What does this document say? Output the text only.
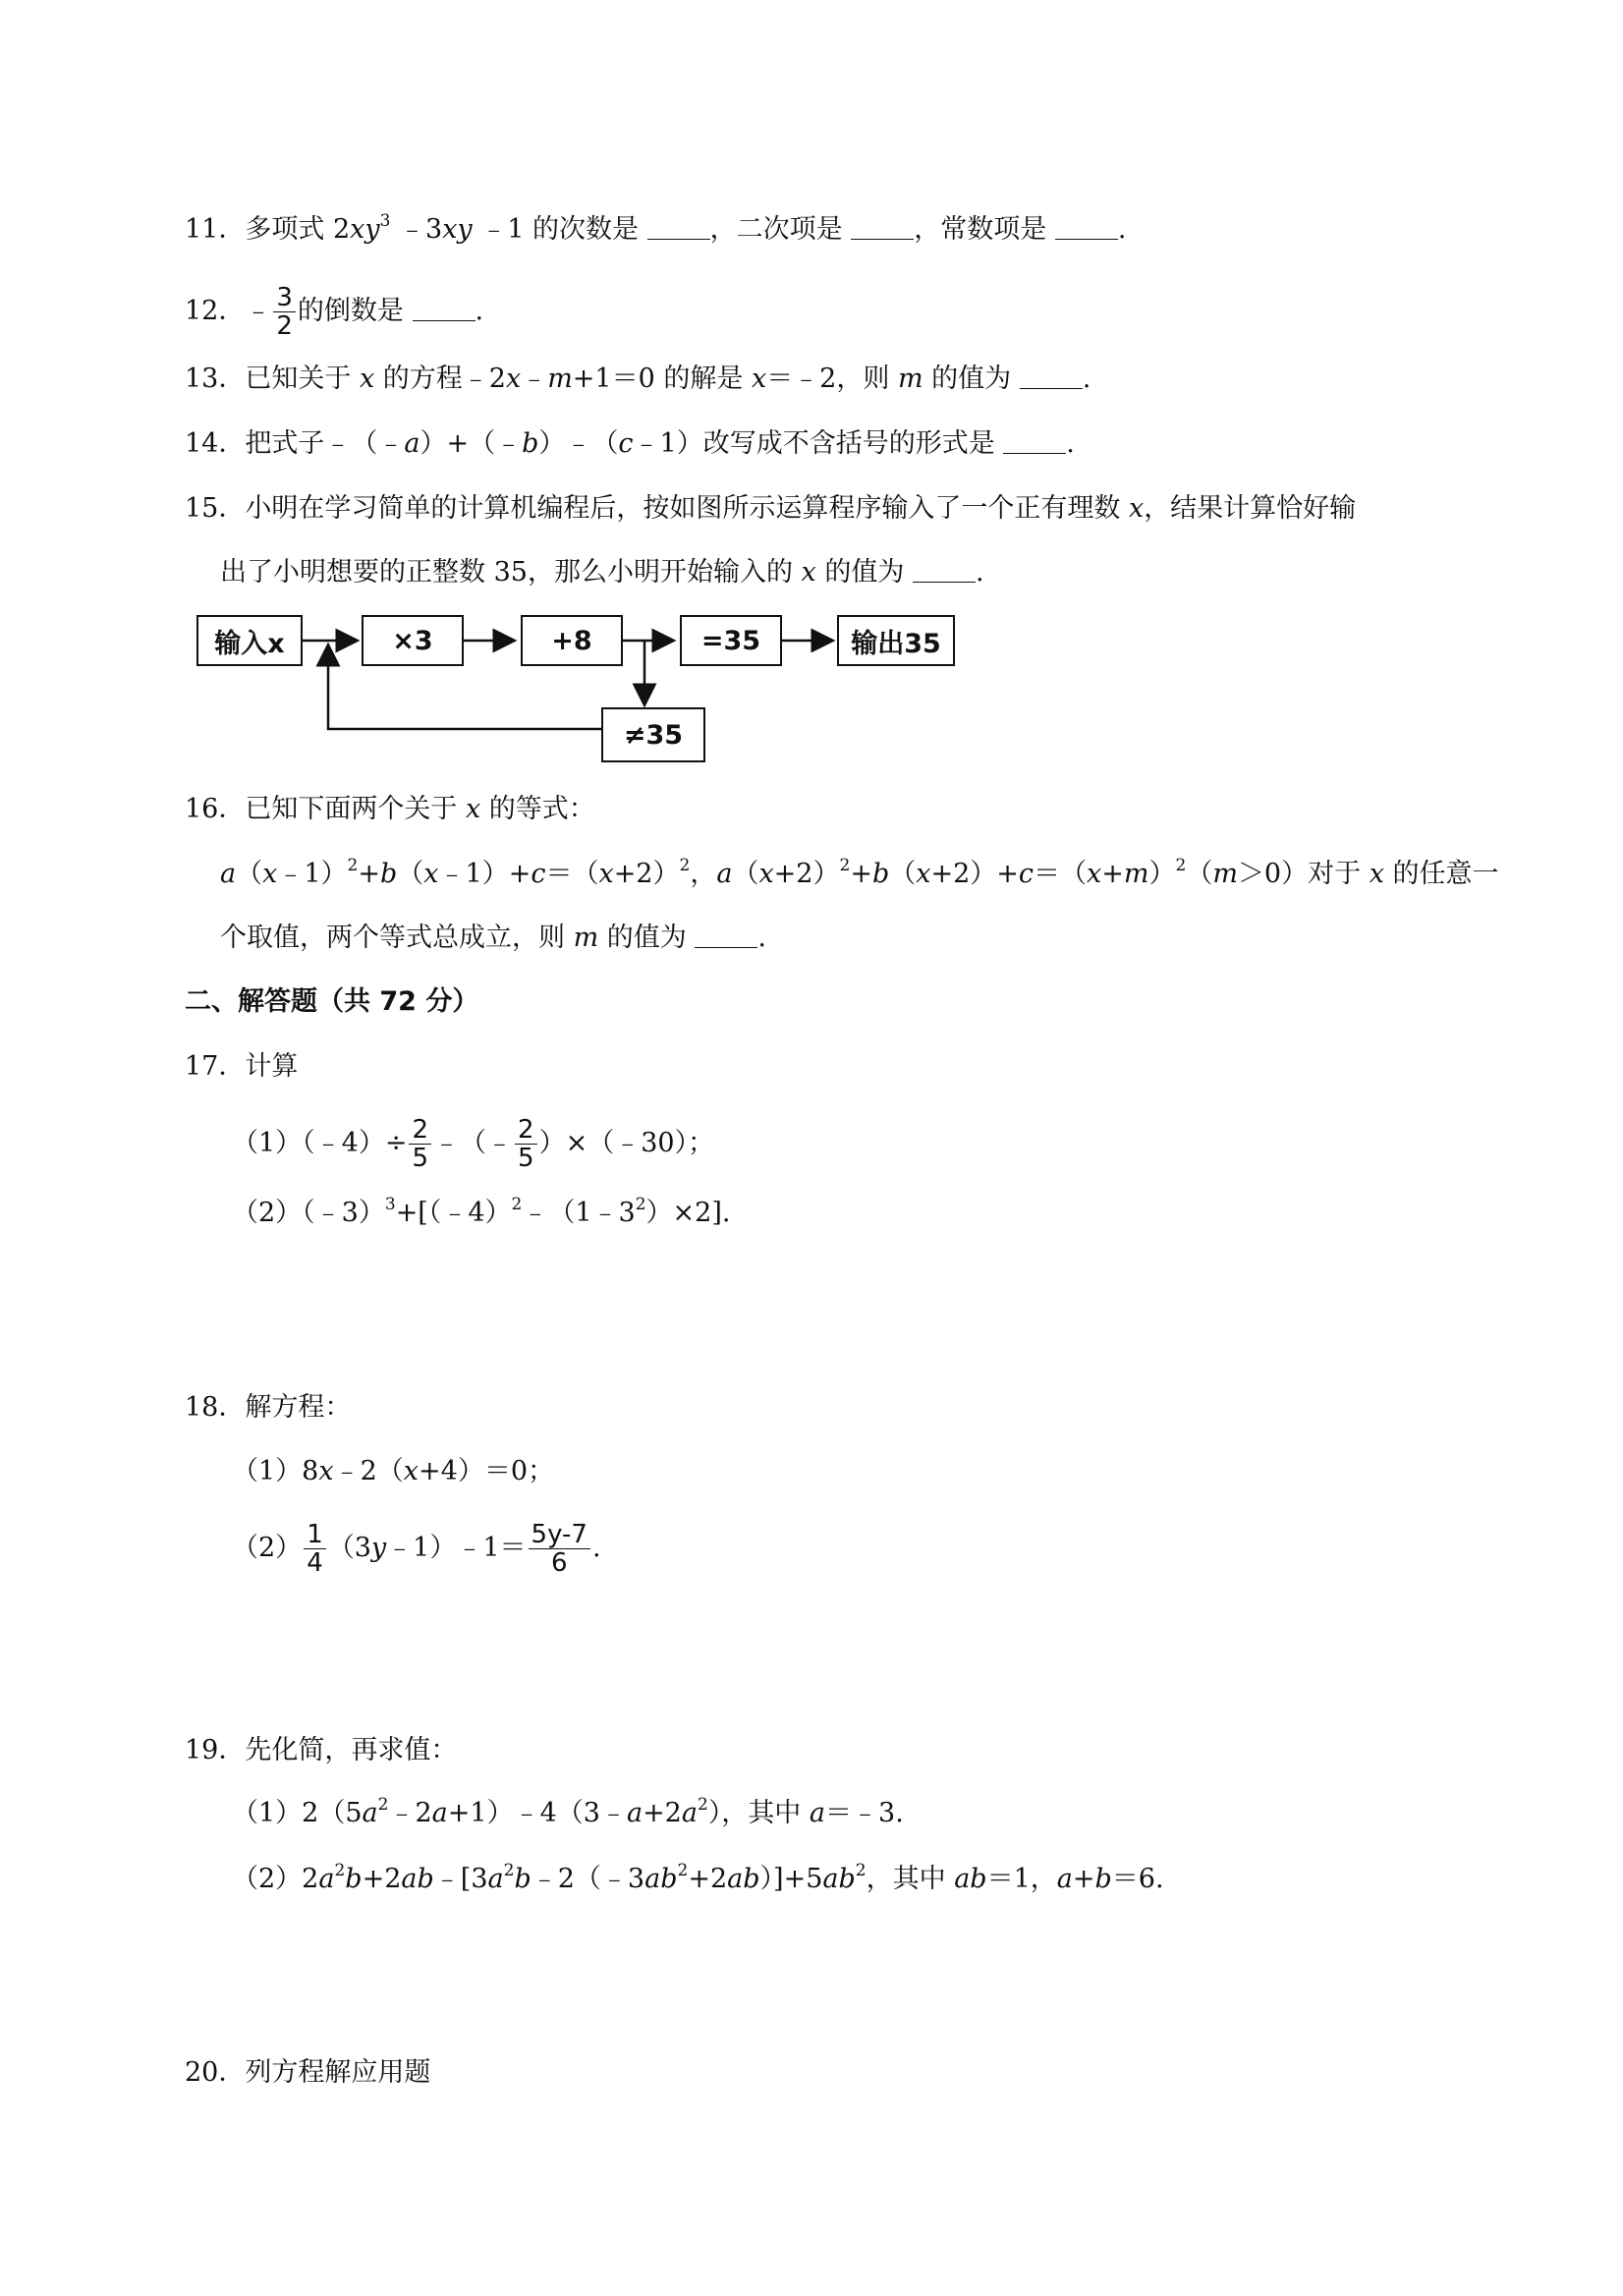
11．多项式 $2xy^3$ ﹣3xy ﹣1 的次数是	，二次项是	，常数项是	.
12．﹣ $\frac{3}{2}$ 的倒数是	.
13．已知关于 x 的方程﹣2x﹣m+1＝0 的解是 x＝﹣2，则 m 的值为	.
14．把式子﹣（﹣a）+（﹣b）﹣（c﹣1）改写成不含括号的形式是	.
15．小明在学习简单的计算机编程后，按如图所示运算程序输入了一个正有理数 x，结果计算恰好输
出了小明想要的正整数 35，那么小明开始输入的 x 的值为	.
输入x	×3	+8	=35	输出35
≠35
16．已知下面两个关于 x 的等式：
$a(x﹣1)^2+b(x﹣1)+c=(x+2)^2$，$a(x+2)^2+b(x+2)+c=(x+m)^2(m>0)$对于 x 的任意一
个取值，两个等式总成立，则 m 的值为	.
二、解答题（共 72 分）
17．计算
（1）（﹣4）÷ $\frac{2}{5}$ ﹣（﹣ $\frac{2}{5}$ ）×（﹣30）；
$(2)(﹣3)^3+[(﹣4)^2﹣(1﹣3^2)\times 2]$.
18．解方程：
（1）8x﹣2（x+4）＝0；
$(2) \frac{1}{4}$ （3y﹣1）﹣1＝ $\frac{5y-7}{6}$ .
19．先化简，再求值：
$(1)2(5a^2﹣2a+1)﹣4(3﹣a+2a^2)$，其中 a＝﹣3.
$(2)2a^2b+2ab﹣[3a^2b﹣2(﹣3ab^2+2ab)]+5ab^2$，其中 ab＝1，a+b＝6.
20．列方程解应用题
